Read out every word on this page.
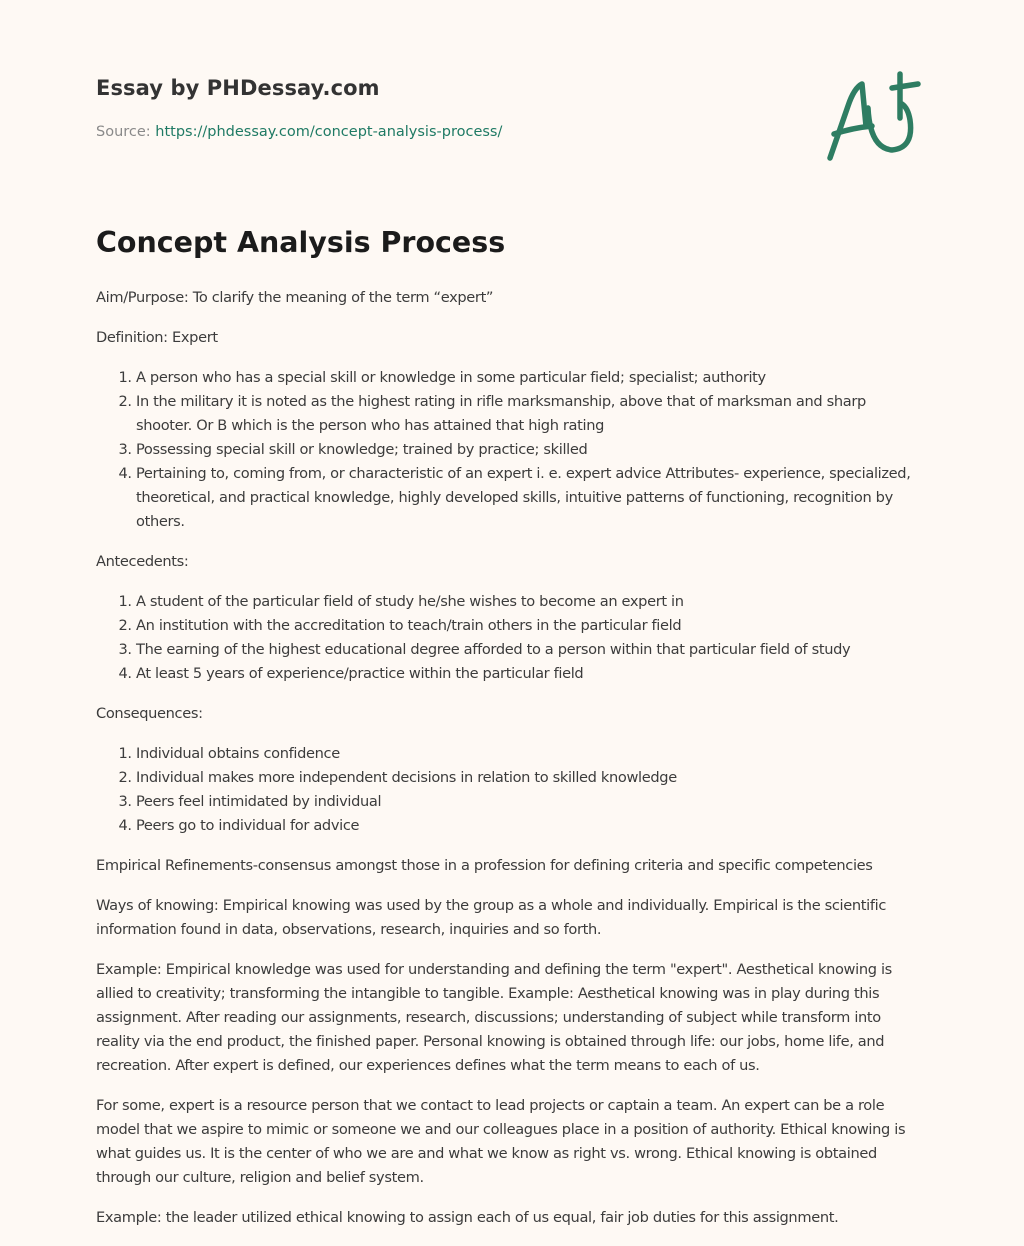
Essay by PHDessay.com
Source: https://phdessay.com/concept-analysis-process/
Concept Analysis Process

Aim/Purpose: To clarify the meaning of the term “expert”

Definition: Expert

1. A person who has a special skill or knowledge in some particular field; specialist; authority
2. In the military it is noted as the highest rating in rifle marksmanship, above that of marksman and sharp shooter. Or B which is the person who has attained that high rating
3. Possessing special skill or knowledge; trained by practice; skilled
4. Pertaining to, coming from, or characteristic of an expert i. e. expert advice Attributes- experience, specialized, theoretical, and practical knowledge, highly developed skills, intuitive patterns of functioning, recognition by others.

Antecedents:

1. A student of the particular field of study he/she wishes to become an expert in
2. An institution with the accreditation to teach/train others in the particular field
3. The earning of the highest educational degree afforded to a person within that particular field of study
4. At least 5 years of experience/practice within the particular field

Consequences:

1. Individual obtains confidence
2. Individual makes more independent decisions in relation to skilled knowledge
3. Peers feel intimidated by individual
4. Peers go to individual for advice

Empirical Refinements-consensus amongst those in a profession for defining criteria and specific competencies

Ways of knowing: Empirical knowing was used by the group as a whole and individually. Empirical is the scientific information found in data, observations, research, inquiries and so forth.

Example: Empirical knowledge was used for understanding and defining the term "expert". Aesthetical knowing is allied to creativity; transforming the intangible to tangible. Example: Aesthetical knowing was in play during this assignment. After reading our assignments, research, discussions; understanding of subject while transform into reality via the end product, the finished paper. Personal knowing is obtained through life: our jobs, home life, and recreation. After expert is defined, our experiences defines what the term means to each of us.

For some, expert is a resource person that we contact to lead projects or captain a team. An expert can be a role model that we aspire to mimic or someone we and our colleagues place in a position of authority. Ethical knowing is what guides us. It is the center of who we are and what we know as right vs. wrong. Ethical knowing is obtained through our culture, religion and belief system.

Example: the leader utilized ethical knowing to assign each of us equal, fair job duties for this assignment.
